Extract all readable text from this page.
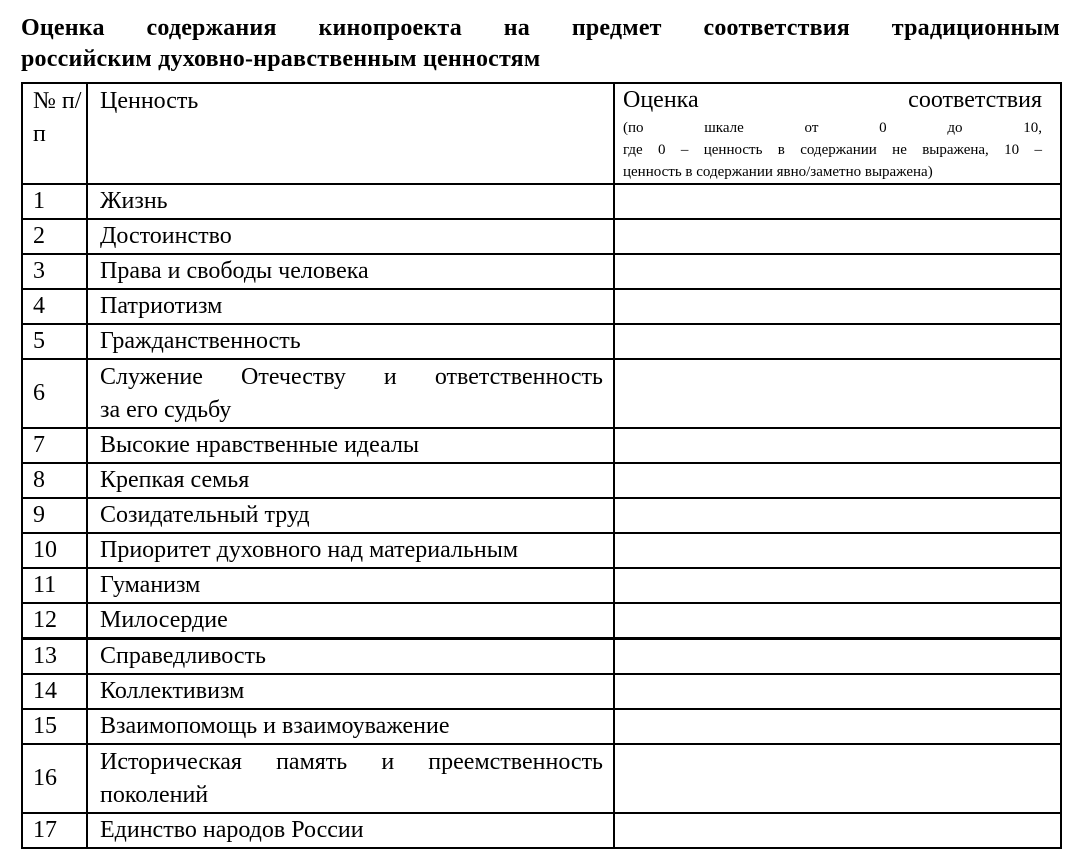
Оценка содержания кинопроекта на предмет соответствия традиционным
российским духовно-нравственным ценностям
№ п/п	Ценность	Оценка соответствия
(по шкале от 0 до 10,
где 0 – ценность в содержании не выражена, 10 –
ценность в содержании явно/заметно выражена)

1	Жизнь	
2	Достоинство	
3	Права и свободы человека	
4	Патриотизм	
5	Гражданственность	
6	Служение Отечеству и ответственность
за его судьбу	

7	Высокие нравственные идеалы	
8	Крепкая семья	
9	Созидательный труд	
10	Приоритет духовного над материальным	
11	Гуманизм	
12	Милосердие	
13	Справедливость	
14	Коллективизм	
15	Взаимопомощь и взаимоуважение	
16	Историческая память и преемственность
поколений	

17	Единство народов России	
